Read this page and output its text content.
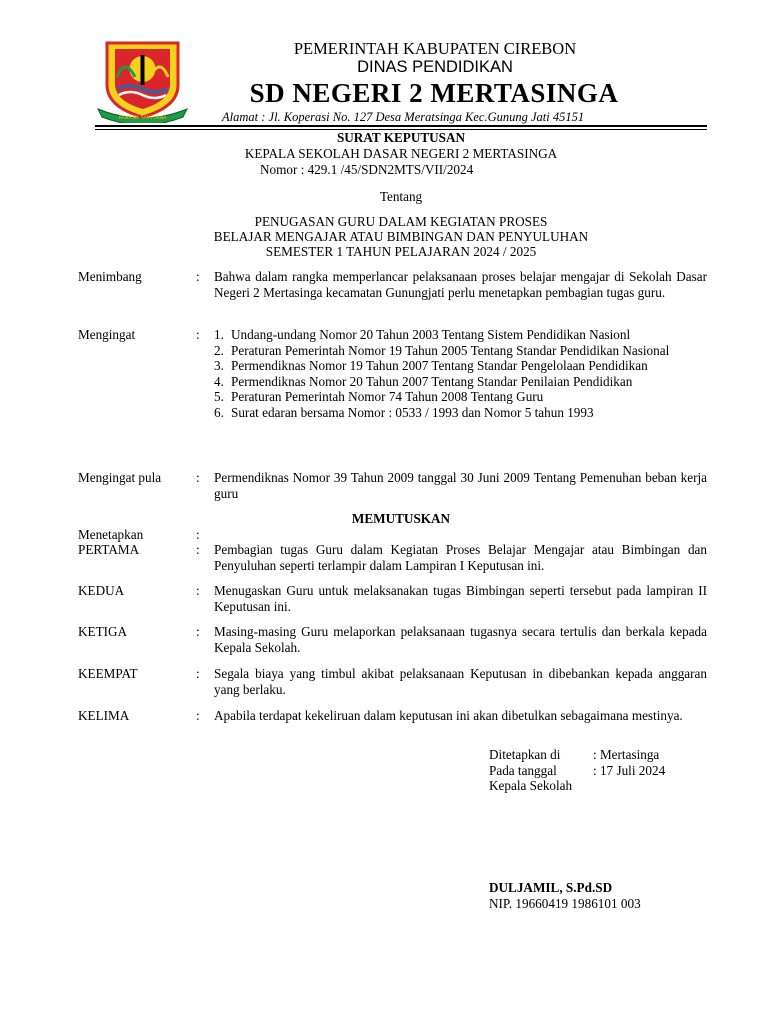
RAMPING SAMPURNA
PEMERINTAH KABUPATEN CIREBON
DINAS PENDIDIKAN
SD NEGERI 2 MERTASINGA
Alamat : Jl. Koperasi No. 127 Desa Meratsinga Kec.Gunung Jati 45151
SURAT KEPUTUSAN
KEPALA SEKOLAH DASAR NEGERI 2 MERTASINGA
Nomor : 429.1 /45/SDN2MTS/VII/2024
Tentang
PENUGASAN GURU DALAM KEGIATAN PROSES
BELAJAR MENGAJAR ATAU BIMBINGAN DAN PENYULUHAN
SEMESTER 1 TAHUN PELAJARAN 2024 / 2025
Menimbang	: Bahwa dalam rangka memperlancar pelaksanaan proses belajar mengajar di Sekolah Dasar Negeri 2 Mertasinga kecamatan Gunungjati perlu menetapkan pembagian tugas guru.
Mengingat	: 1. Undang-undang Nomor 20 Tahun 2003 Tentang Sistem Pendidikan Nasionl
2. Peraturan Pemerintah Nomor 19 Tahun 2005 Tentang Standar Pendidikan Nasional
3. Permendiknas Nomor 19 Tahun 2007 Tentang Standar Pengelolaan Pendidikan
4. Permendiknas Nomor 20 Tahun 2007 Tentang Standar Penilaian Pendidikan
5. Peraturan Pemerintah Nomor 74 Tahun 2008 Tentang Guru
6. Surat edaran bersama Nomor : 0533 / 1993 dan Nomor 5 tahun 1993
Mengingat pula	: Permendiknas Nomor 39 Tahun 2009 tanggal 30 Juni 2009 Tentang Pemenuhan beban kerja guru
MEMUTUSKAN
Menetapkan	:
PERTAMA	: Pembagian tugas Guru dalam Kegiatan Proses Belajar Mengajar atau Bimbingan dan Penyuluhan seperti terlampir dalam Lampiran I Keputusan ini.
KEDUA	: Menugaskan Guru untuk melaksanakan tugas Bimbingan seperti tersebut pada lampiran II Keputusan ini.
KETIGA	: Masing-masing Guru melaporkan pelaksanaan tugasnya secara tertulis dan berkala kepada Kepala Sekolah.
KEEMPAT	: Segala biaya yang timbul akibat pelaksanaan Keputusan in dibebankan kepada anggaran yang berlaku.
KELIMA	: Apabila terdapat kekeliruan dalam keputusan ini akan dibetulkan sebagaimana mestinya.
Ditetapkan di : Mertasinga
Pada tanggal	: 17 Juli 2024
Kepala Sekolah
DULJAMIL, S.Pd.SD
NIP. 19660419 1986101 003
